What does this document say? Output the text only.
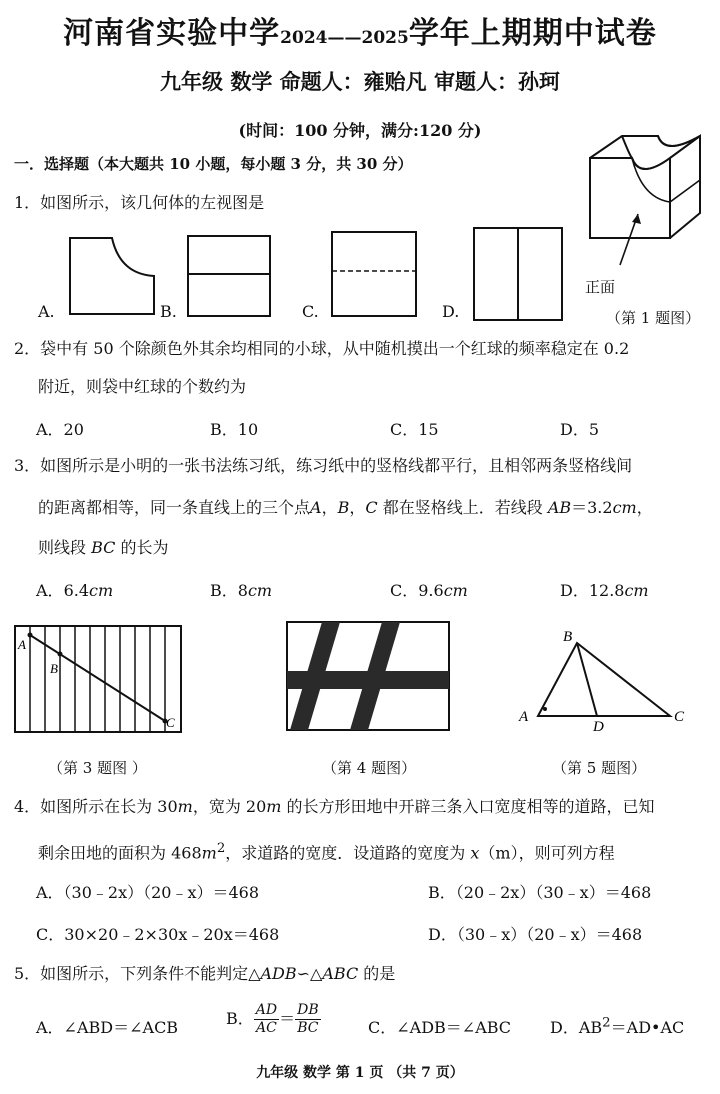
河南省实验中学2024——2025学年上期期中试卷
九年级 数学 命题人：雍贻凡 审题人：孙珂
(时间：100 分钟，满分:120 分)
一．选择题（本大题共 10 小题，每小题 3 分，共 30 分）
1．如图所示，该几何体的左视图是
正面
（第 1 题图）
A.	B.	C.	D.
2．袋中有 50 个除颜色外其余均相同的小球，从中随机摸出一个红球的频率稳定在 0.2
附近，则袋中红球的个数约为
A．20	B．10	C．15	D．5
3．如图所示是小明的一张书法练习纸，练习纸中的竖格线都平行，且相邻两条竖格线间
的距离都相等，同一条直线上的三个点A，B，C 都在竖格线上．若线段 AB＝3.2cm，
则线段 BC 的长为
A．6.4cm	B．8cm	C．9.6cm	D．12.8cm
A
B
C
（第 3 题图 ）	（第 4 题图）
A
B
C
D
（第 5 题图）
4．如图所示在长为 30m，宽为 20m 的长方形田地中开辟三条入口宽度相等的道路，已知
剩余田地的面积为 $468m^2$，求道路的宽度．设道路的宽度为 x（m），则可列方程
A．（30﹣2x）（20﹣x）＝468	B．（20﹣2x）（30﹣x）＝468
C．30×20﹣2×30x﹣20x＝468	D．（30﹣x）（20﹣x）＝468
5．如图所示，下列条件不能判定△ADB∽△ABC 的是
A．∠ABD＝∠ACB	B． $\frac{AD}{AC} = \frac{DB}{BC}$	C．∠ADB＝∠ABC D．$AB^2=AD•AC$
九年级 数学 第 1 页 （共 7 页）
